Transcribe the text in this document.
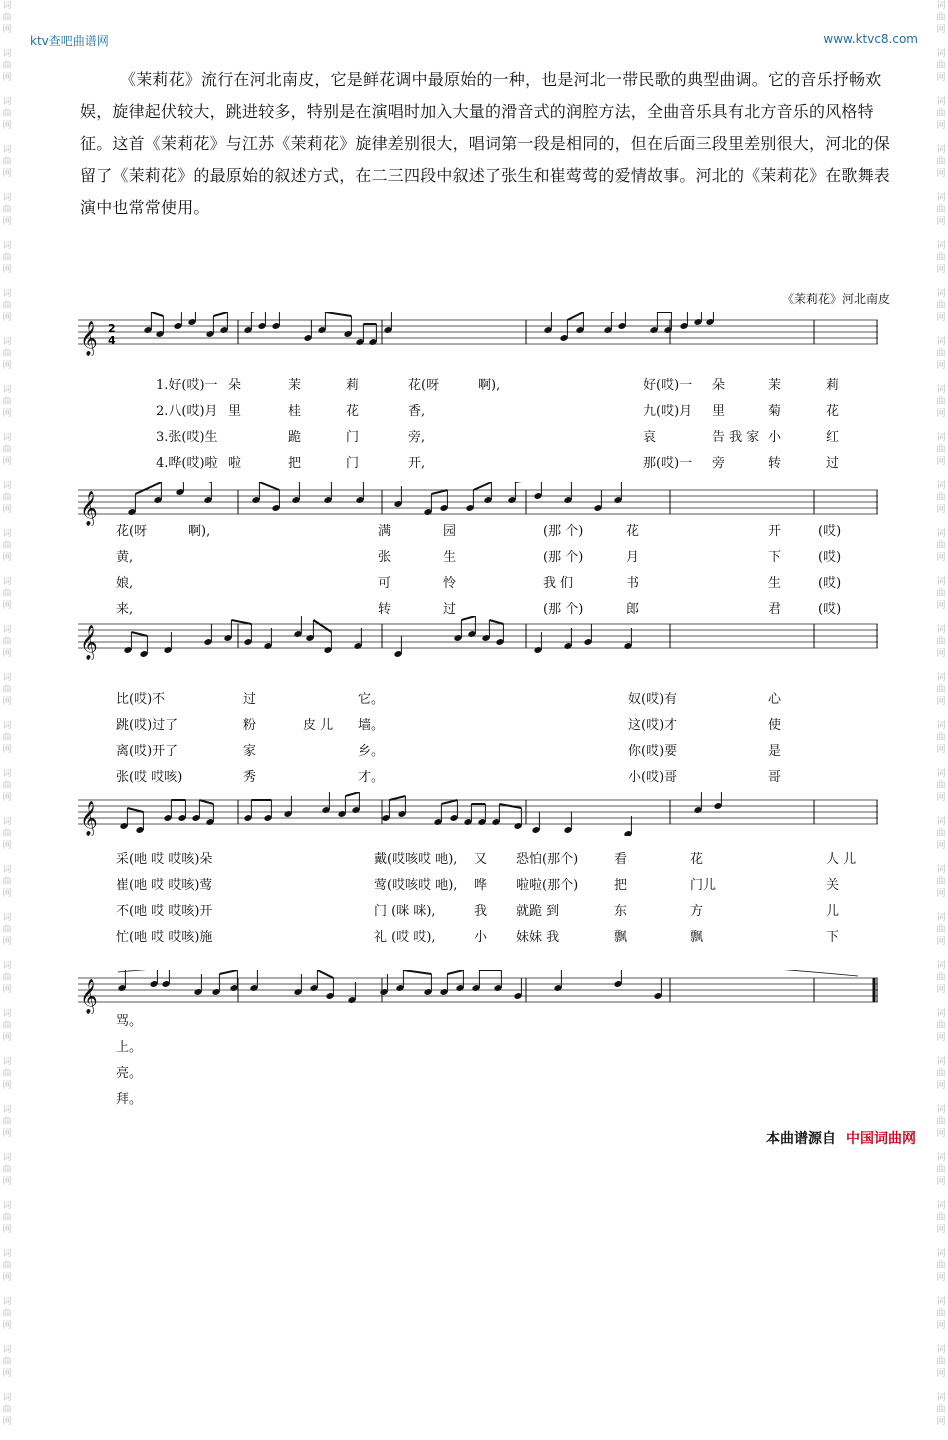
ktv查吧曲谱网	www.ktvc8.com
词
曲
网

词
曲
网

词
曲
网

词
曲
网

词
曲
网

词
曲
网

词
曲
网

词
曲
网

词
曲
网

词
曲
网

词
曲
网

词
曲
网

词
曲
网

词
曲
网

词
曲
网

词
曲
网

词
曲
网

词
曲
网

词
曲
网

词
曲
网

词
曲
网

词
曲
网

词
曲
网

词
曲
网

词
曲
网

词
曲
网

词
曲
网

词
曲
网

词
曲
网

词
曲
网

词
曲
网

词
曲
网

词
曲
网

词
曲
网

词
曲
网

词
曲
网

词
曲
网

词
曲
网

词
曲
网

词
曲
网

词
曲
网

词
曲
网

词
曲
网

词
曲
网

词
曲
网

词
曲
网

词
曲
网

词
曲
网

词
曲
网

词
曲
网

词
曲
网

词
曲
网

词
曲
网

词
曲
网

词
曲
网

词
曲
网

词
曲
网

词
曲
网

词
曲
网

词
曲
网

《茉莉花》流行在河北南皮，它是鲜花调中最原始的一种，也是河北一带民歌的典型曲调。它的音乐抒畅欢娱，旋律起伏较大，跳进较多，特别是在演唱时加入大量的滑音式的润腔方法，全曲音乐具有北方音乐的风格特征。这首《茉莉花》与江苏《茉莉花》旋律差别很大，唱词第一段是相同的，但在后面三段里差别很大，河北的保留了《茉莉花》的最原始的叙述方式，在二三四段中叙述了张生和崔莺莺的爱情故事。河北的《茉莉花》在歌舞表演中也常常使用。
《茉莉花》河北南皮
𝄞 2
4
1.好(哎)一 朵	茉	莉	花(呀	啊),	好(哎)一 朵	茉	莉
2.八(哎)月 里	桂	花	香,	九(哎)月 里	菊	花
3.张(哎)生	跪	门	旁,	哀	告 我 家 小	红
4.哗(哎)啦 啦	把	门	开,	那(哎)一 旁	转	过
𝄞
花(呀	啊),	满	园	(那 个)	花	开	(哎)
黄,	张	生	(那 个)	月	下	(哎)
娘,	可	怜	我 们	书	生	(哎)
来,	转	过	(那 个)	郎	君	(哎)
𝄞
比(哎)不	过	它。	奴(哎)有	心
跳(哎)过了	粉	皮 儿 墙。	这(哎)才	使
离(哎)开了	家	乡。	你(哎)要	是
张(哎 哎咳)	秀	才。	小(哎)哥	哥
𝄞
采(吔 哎 哎咳)朵	戴(哎咳哎 吔), 又 恐怕(那个)	看	花	人 儿
崔(吔 哎 哎咳)莺	莺(哎咳哎 吔), 哗 啦啦(那个)	把	门儿	关
不(吔 哎 哎咳)开	门 (咪 咪),	我 就跪 到	东	方	儿
忙(吔 哎 哎咳)施	礼 (哎 哎),	小 妹妹 我	飘	飘	下
𝄞
骂。
上。
亮。
拜。
本曲谱源自 中国词曲网
